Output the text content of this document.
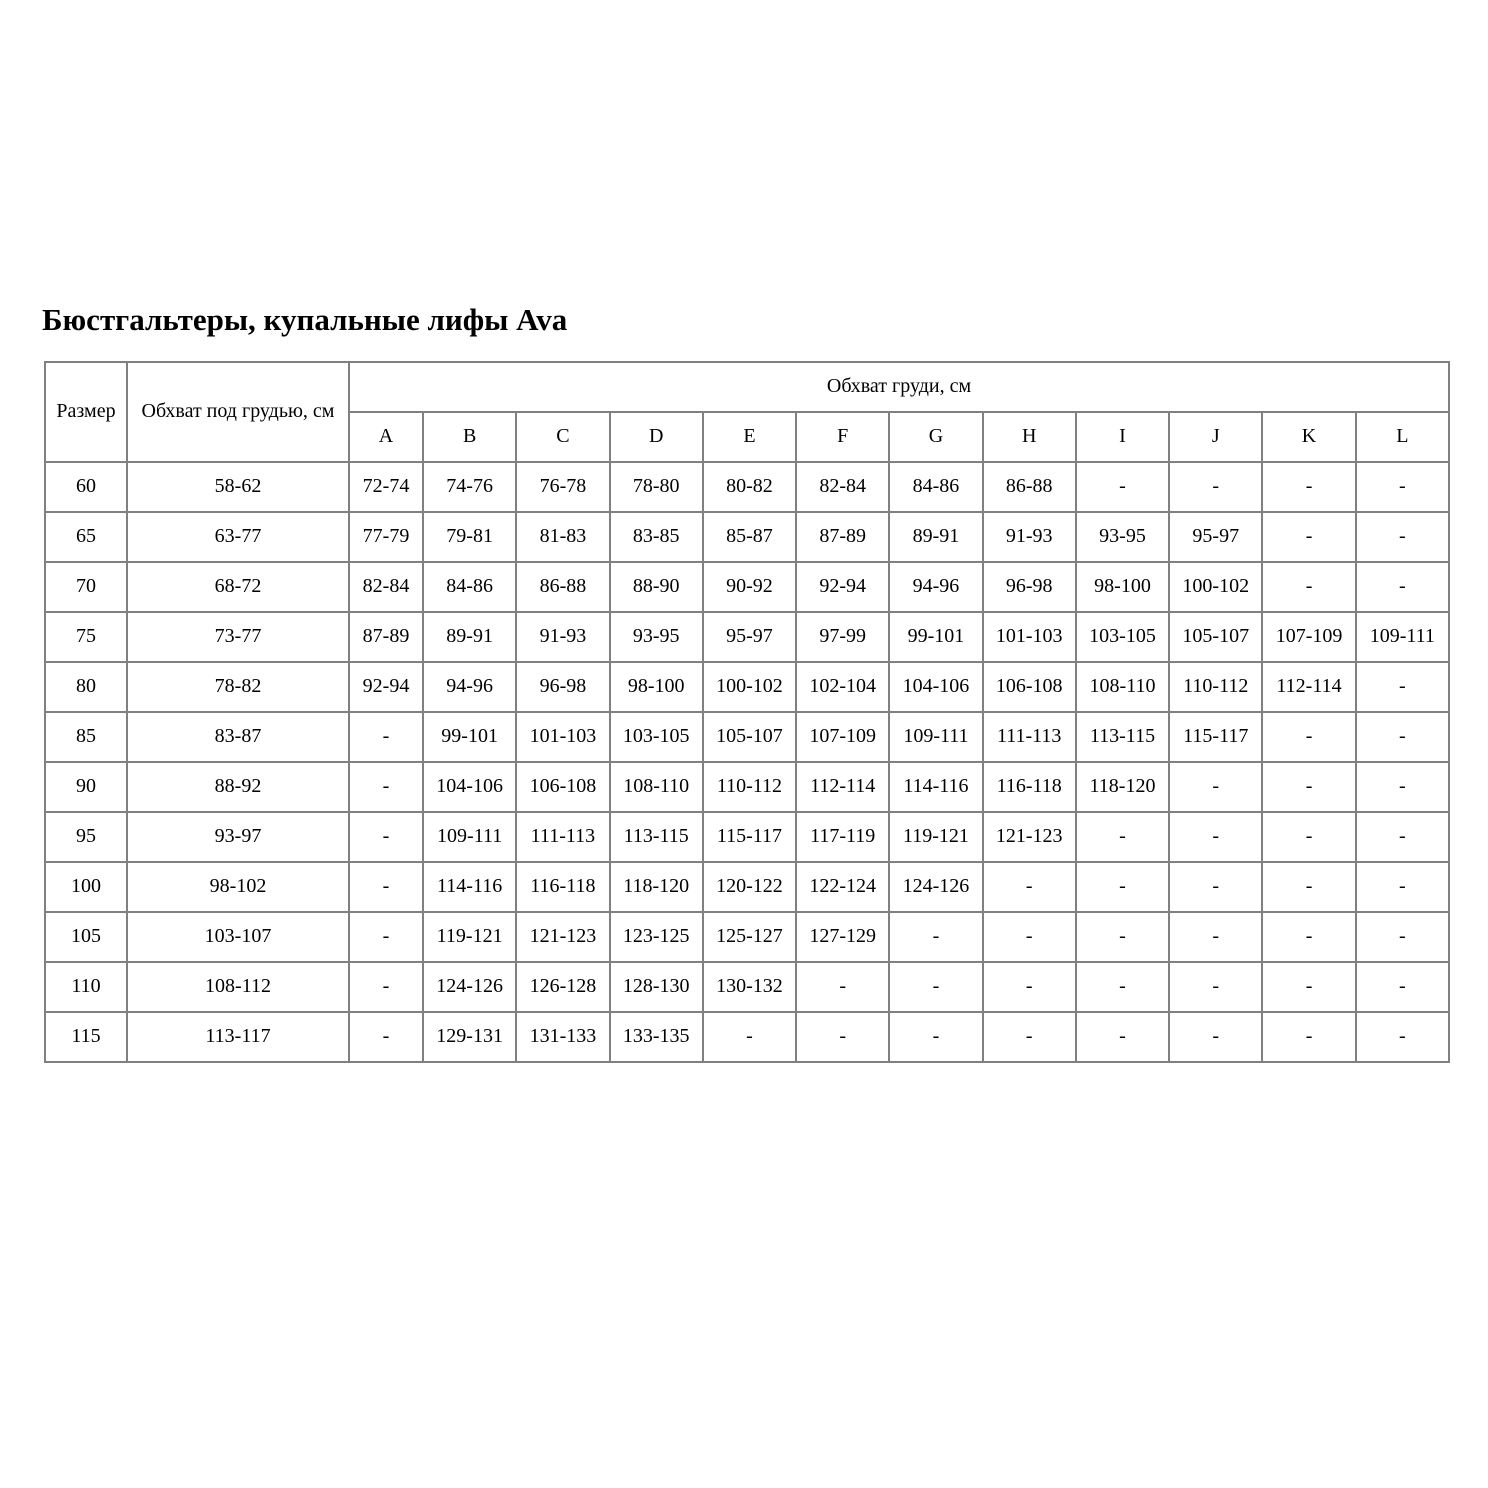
Бюстгальтеры, купальные лифы Ava
Размер	Обхват под грудью, см	Обхват груди, см											
		A	B	C	D	E	F	G	H	I	J	K	L
60	58-62	72-74	74-76	76-78	78-80	80-82	82-84	84-86	86-88	-	-	-	-
65	63-77	77-79	79-81	81-83	83-85	85-87	87-89	89-91	91-93	93-95	95-97	-	-
70	68-72	82-84	84-86	86-88	88-90	90-92	92-94	94-96	96-98	98-100	100-102	-	-
75	73-77	87-89	89-91	91-93	93-95	95-97	97-99	99-101	101-103	103-105	105-107	107-109	109-111
80	78-82	92-94	94-96	96-98	98-100	100-102	102-104	104-106	106-108	108-110	110-112	112-114	-
85	83-87	-	99-101	101-103	103-105	105-107	107-109	109-111	111-113	113-115	115-117	-	-
90	88-92	-	104-106	106-108	108-110	110-112	112-114	114-116	116-118	118-120	-	-	-
95	93-97	-	109-111	111-113	113-115	115-117	117-119	119-121	121-123	-	-	-	-
100	98-102	-	114-116	116-118	118-120	120-122	122-124	124-126	-	-	-	-	-
105	103-107	-	119-121	121-123	123-125	125-127	127-129	-	-	-	-	-	-
110	108-112	-	124-126	126-128	128-130	130-132	-	-	-	-	-	-	-
115	113-117	-	129-131	131-133	133-135	-	-	-	-	-	-	-	-
